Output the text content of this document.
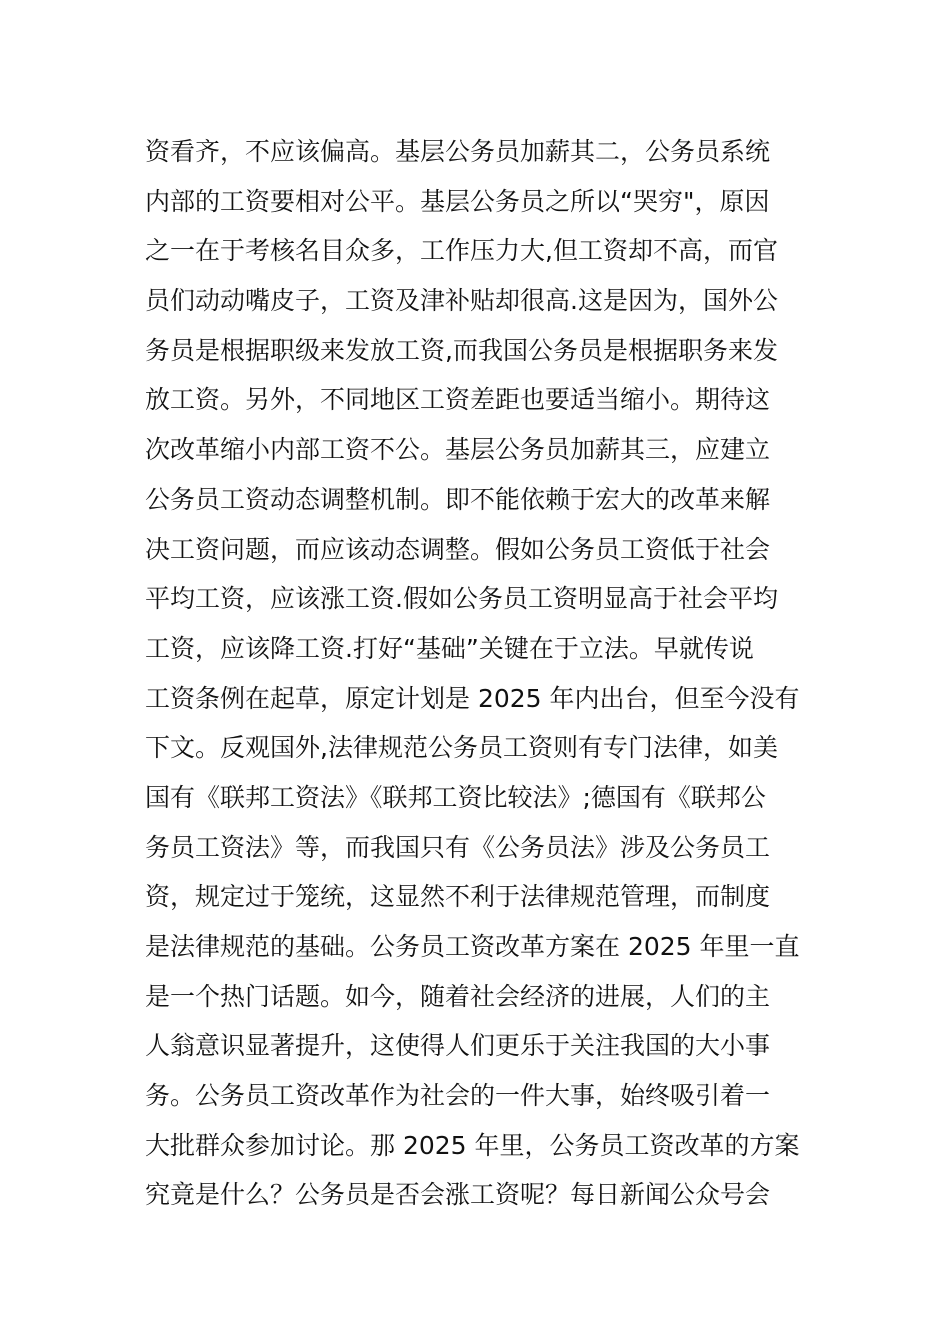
资看齐，不应该偏高。基层公务员加薪其二，公务员系统
内部的工资要相对公平。基层公务员之所以“哭穷"，原因
之一在于考核名目众多，工作压力大,但工资却不高，而官
员们动动嘴皮子，工资及津补贴却很高.这是因为，国外公
务员是根据职级来发放工资,而我国公务员是根据职务来发
放工资。另外，不同地区工资差距也要适当缩小。期待这
次改革缩小内部工资不公。基层公务员加薪其三，应建立
公务员工资动态调整机制。即不能依赖于宏大的改革来解
决工资问题，而应该动态调整。假如公务员工资低于社会
平均工资，应该涨工资.假如公务员工资明显高于社会平均
工资，应该降工资.打好“基础”关键在于立法。早就传说
工资条例在起草，原定计划是 2025 年内出台，但至今没有
下文。反观国外,法律规范公务员工资则有专门法律，如美
国有《联邦工资法》《联邦工资比较法》;德国有《联邦公
务员工资法》等，而我国只有《公务员法》涉及公务员工
资，规定过于笼统，这显然不利于法律规范管理，而制度
是法律规范的基础。公务员工资改革方案在 2025 年里一直
是一个热门话题。如今，随着社会经济的进展，人们的主
人翁意识显著提升，这使得人们更乐于关注我国的大小事
务。公务员工资改革作为社会的一件大事，始终吸引着一
大批群众参加讨论。那 2025 年里，公务员工资改革的方案
究竟是什么？公务员是否会涨工资呢？每日新闻公众号会
